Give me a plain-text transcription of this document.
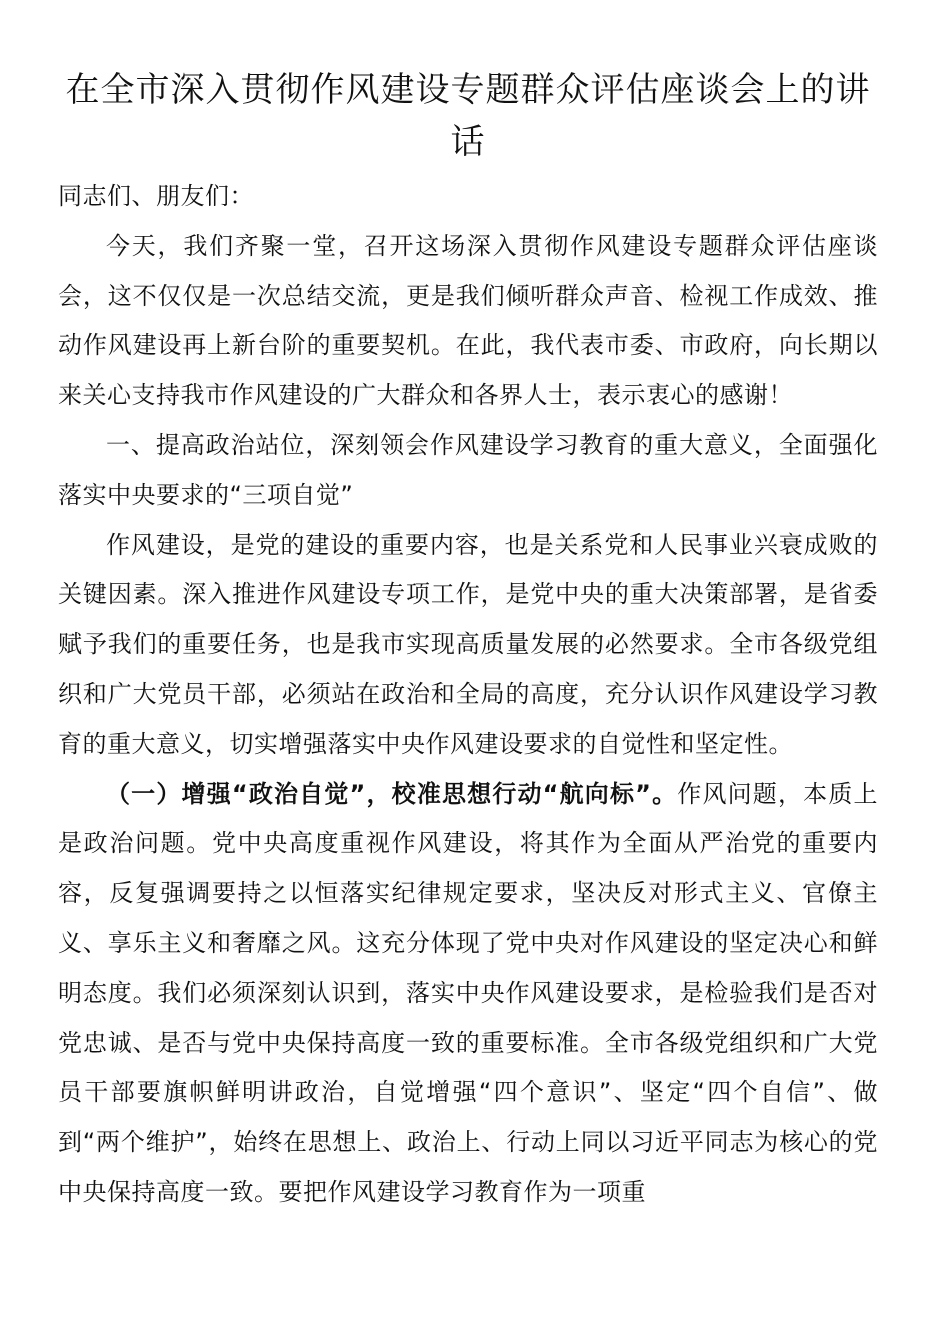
在全市深入贯彻作风建设专题群众评估座谈会上的讲话

同志们、朋友们：

今天，我们齐聚一堂，召开这场深入贯彻作风建设专题群众评估座谈会，这不仅仅是一次总结交流，更是我们倾听群众声音、检视工作成效、推动作风建设再上新台阶的重要契机。在此，我代表市委、市政府，向长期以来关心支持我市作风建设的广大群众和各界人士，表示衷心的感谢！

一、提高政治站位，深刻领会作风建设学习教育的重大意义，全面强化落实中央要求的“三项自觉”

作风建设，是党的建设的重要内容，也是关系党和人民事业兴衰成败的关键因素。深入推进作风建设专项工作，是党中央的重大决策部署，是省委赋予我们的重要任务，也是我市实现高质量发展的必然要求。全市各级党组织和广大党员干部，必须站在政治和全局的高度，充分认识作风建设学习教育的重大意义，切实增强落实中央作风建设要求的自觉性和坚定性。

（一）增强“政治自觉”，校准思想行动“航向标”。作风问题，本质上是政治问题。党中央高度重视作风建设，将其作为全面从严治党的重要内容，反复强调要持之以恒落实纪律规定要求，坚决反对形式主义、官僚主义、享乐主义和奢靡之风。这充分体现了党中央对作风建设的坚定决心和鲜明态度。我们必须深刻认识到，落实中央作风建设要求，是检验我们是否对党忠诚、是否与党中央保持高度一致的重要标准。全市各级党组织和广大党员干部要旗帜鲜明讲政治，自觉增强“四个意识”、坚定“四个自信”、做到“两个维护”，始终在思想上、政治上、行动上同以习近平同志为核心的党中央保持高度一致。要把作风建设学习教育作为一项重
